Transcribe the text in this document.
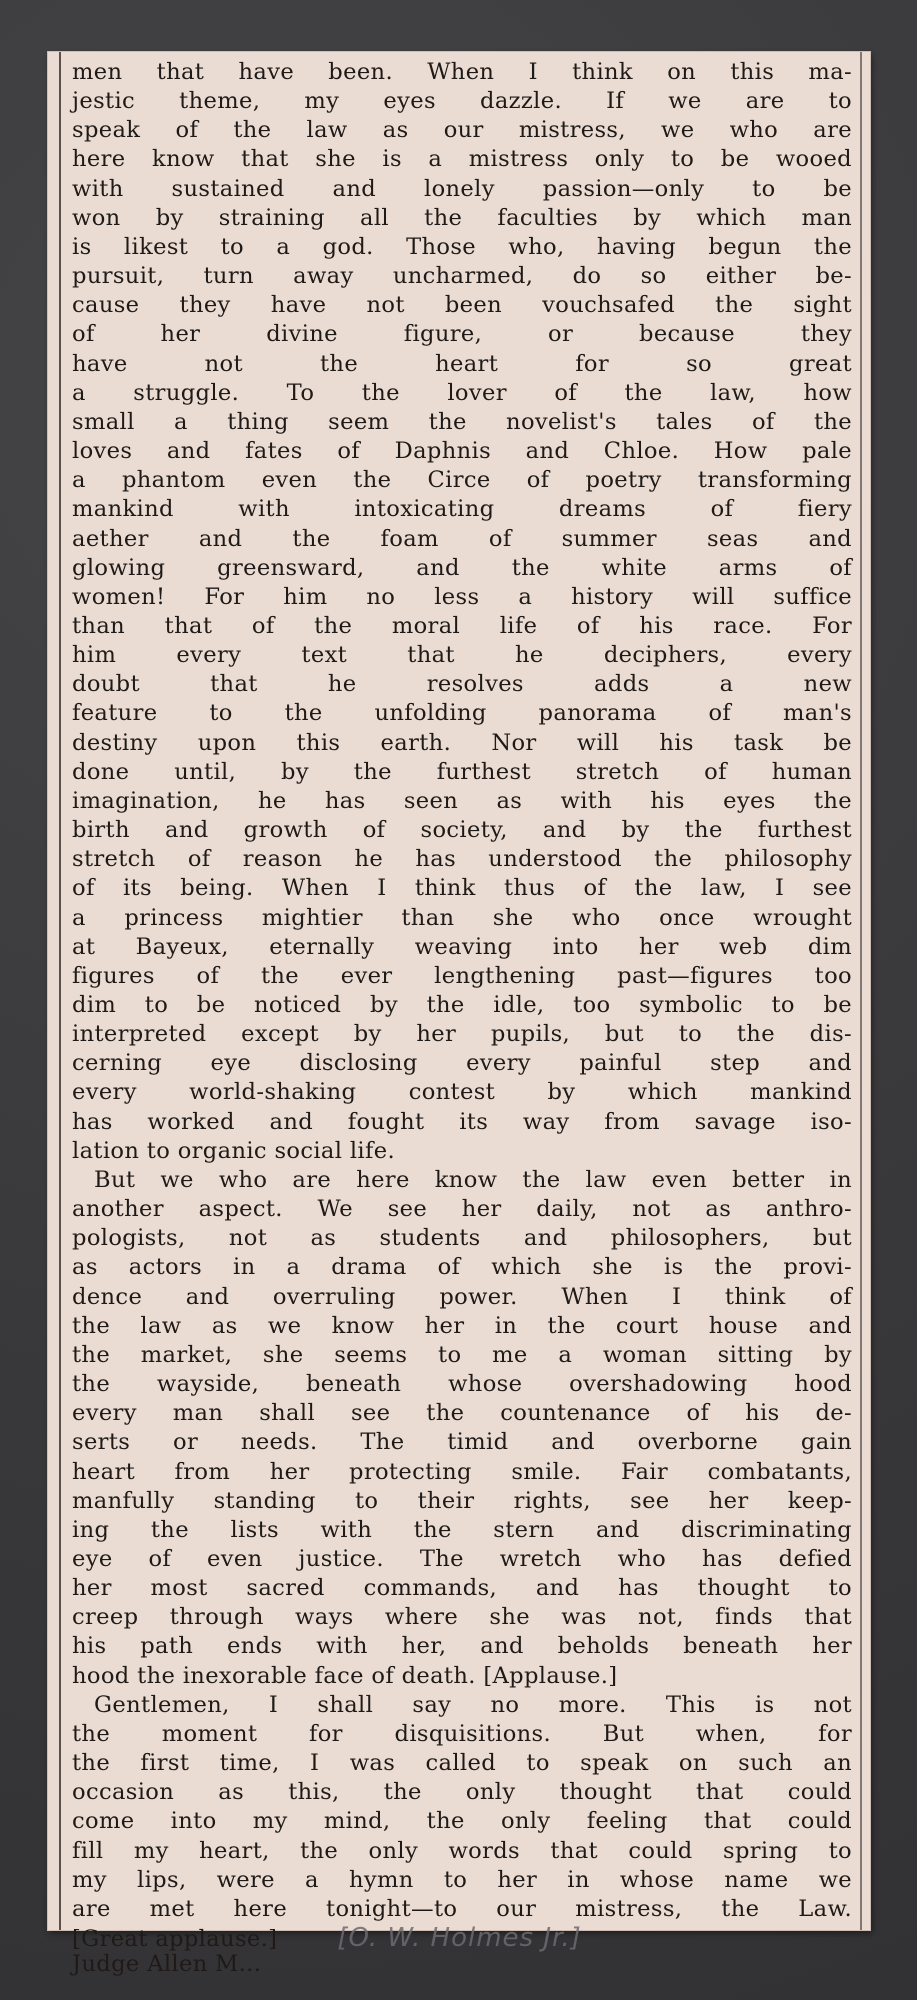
men that have been. When I think on this ma-
jestic theme, my eyes dazzle. If we are to
speak of the law as our mistress, we who are
here know that she is a mistress only to be wooed
with sustained and lonely passion—only to be
won by straining all the faculties by which man
is likest to a god. Those who, having begun the
pursuit, turn away uncharmed, do so either be-
cause they have not been vouchsafed the sight
of her divine figure, or because they
have not the heart for so great
a struggle. To the lover of the law, how
small a thing seem the novelist's tales of the
loves and fates of Daphnis and Chloe. How pale
a phantom even the Circe of poetry transforming
mankind with intoxicating dreams of fiery
aether and the foam of summer seas and
glowing greensward, and the white arms of
women! For him no less a history will suffice
than that of the moral life of his race. For
him every text that he deciphers, every
doubt that he resolves adds a new
feature to the unfolding panorama of man's
destiny upon this earth. Nor will his task be
done until, by the furthest stretch of human
imagination, he has seen as with his eyes the
birth and growth of society, and by the furthest
stretch of reason he has understood the philosophy
of its being. When I think thus of the law, I see
a princess mightier than she who once wrought
at Bayeux, eternally weaving into her web dim
figures of the ever lengthening past—figures too
dim to be noticed by the idle, too symbolic to be
interpreted except by her pupils, but to the dis-
cerning eye disclosing every painful step and
every world-shaking contest by which mankind
has worked and fought its way from savage iso-
lation to organic social life.
But we who are here know the law even better in
another aspect. We see her daily, not as anthro-
pologists, not as students and philosophers, but
as actors in a drama of which she is the provi-
dence and overruling power. When I think of
the law as we know her in the court house and
the market, she seems to me a woman sitting by
the wayside, beneath whose overshadowing hood
every man shall see the countenance of his de-
serts or needs. The timid and overborne gain
heart from her protecting smile. Fair combatants,
manfully standing to their rights, see her keep-
ing the lists with the stern and discriminating
eye of even justice. The wretch who has defied
her most sacred commands, and has thought to
creep through ways where she was not, finds that
his path ends with her, and beholds beneath her
hood the inexorable face of death. [Applause.]
Gentlemen, I shall say no more. This is not
the moment for disquisitions. But when, for
the first time, I was called to speak on such an
occasion as this, the only thought that could
come into my mind, the only feeling that could
fill my heart, the only words that could spring to
my lips, were a hymn to her in whose name we
are met here tonight—to our mistress, the Law.
[Great applause.] [O. W. Holmes Jr.]
Judge Allen M...
